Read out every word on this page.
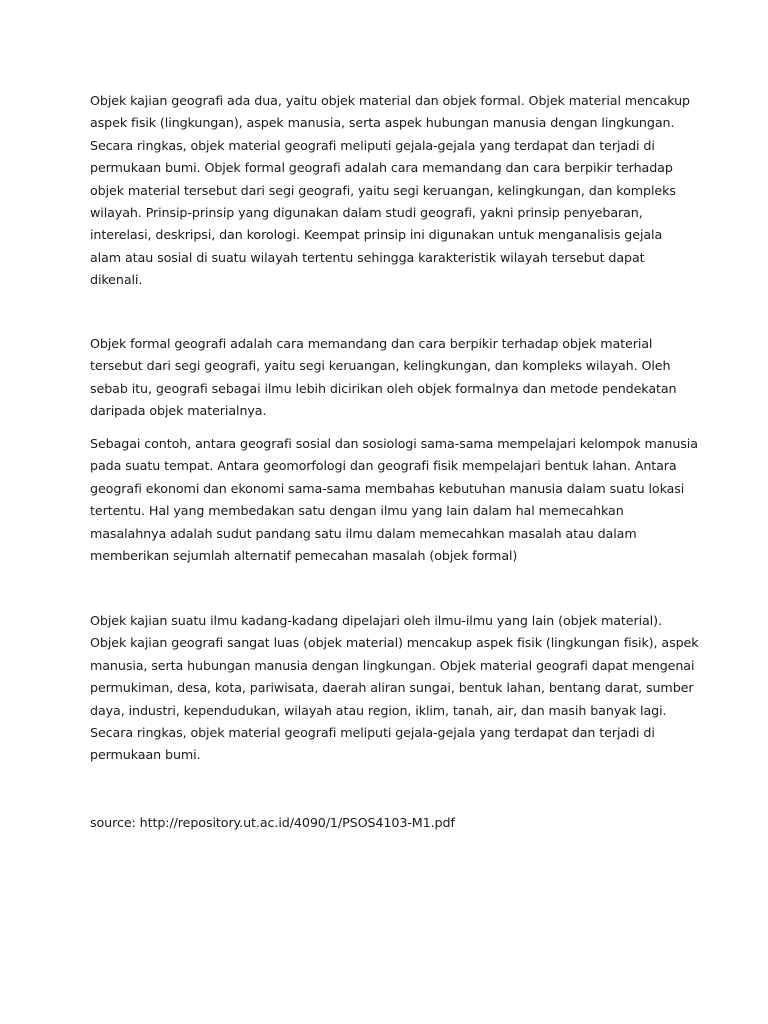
Objek kajian geografi ada dua, yaitu objek material dan objek formal. Objek material mencakup
aspek fisik (lingkungan), aspek manusia, serta aspek hubungan manusia dengan lingkungan.
Secara ringkas, objek material geografi meliputi gejala-gejala yang terdapat dan terjadi di
permukaan bumi. Objek formal geografi adalah cara memandang dan cara berpikir terhadap
objek material tersebut dari segi geografi, yaitu segi keruangan, kelingkungan, dan kompleks
wilayah. Prinsip-prinsip yang digunakan dalam studi geografi, yakni prinsip penyebaran,
interelasi, deskripsi, dan korologi. Keempat prinsip ini digunakan untuk menganalisis gejala
alam atau sosial di suatu wilayah tertentu sehingga karakteristik wilayah tersebut dapat
dikenali.
Objek formal geografi adalah cara memandang dan cara berpikir terhadap objek material
tersebut dari segi geografi, yaitu segi keruangan, kelingkungan, dan kompleks wilayah. Oleh
sebab itu, geografi sebagai ilmu lebih dicirikan oleh objek formalnya dan metode pendekatan
daripada objek materialnya.
Sebagai contoh, antara geografi sosial dan sosiologi sama-sama mempelajari kelompok manusia
pada suatu tempat. Antara geomorfologi dan geografi fisik mempelajari bentuk lahan. Antara
geografi ekonomi dan ekonomi sama-sama membahas kebutuhan manusia dalam suatu lokasi
tertentu. Hal yang membedakan satu dengan ilmu yang lain dalam hal memecahkan
masalahnya adalah sudut pandang satu ilmu dalam memecahkan masalah atau dalam
memberikan sejumlah alternatif pemecahan masalah (objek formal)
Objek kajian suatu ilmu kadang-kadang dipelajari oleh ilmu-ilmu yang lain (objek material).
Objek kajian geografi sangat luas (objek material) mencakup aspek fisik (lingkungan fisik), aspek
manusia, serta hubungan manusia dengan lingkungan. Objek material geografi dapat mengenai
permukiman, desa, kota, pariwisata, daerah aliran sungai, bentuk lahan, bentang darat, sumber
daya, industri, kependudukan, wilayah atau region, iklim, tanah, air, dan masih banyak lagi.
Secara ringkas, objek material geografi meliputi gejala-gejala yang terdapat dan terjadi di
permukaan bumi.
source: http://repository.ut.ac.id/4090/1/PSOS4103-M1.pdf
